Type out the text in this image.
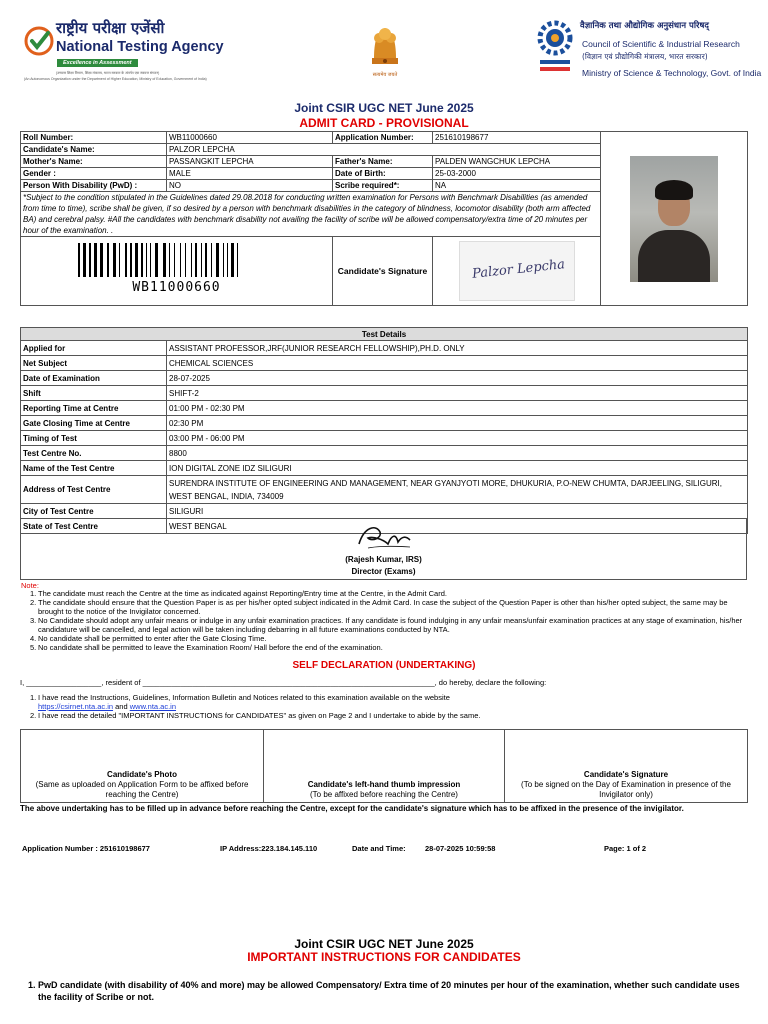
राष्ट्रीय परीक्षा एजेंसी
National Testing Agency
Excellence in Assessment
(उच्चतर शिक्षा विभाग, शिक्षा मंत्रालय, भारत सरकार के अंतर्गत एक स्वायत्त संगठन)
(An Autonomous Organization under the Department of Higher Education, Ministry of Education, Government of India)
सत्यमेव जयते
वैज्ञानिक तथा औद्योगिक अनुसंधान परिषद्
Council of Scientific & Industrial Research
(विज्ञान एवं प्रौद्योगिकी मंत्रालय, भारत सरकार)
Ministry of Science & Technology, Govt. of India
Joint CSIR UGC NET June 2025
ADMIT CARD - PROVISIONAL
Roll Number:	WB11000660	Application Number:	251610198677	

Candidate's Name:	PALZOR LEPCHA			
Mother's Name:	PASSANGKIT LEPCHA	Father's Name:	PALDEN WANGCHUK LEPCHA	
Gender :	MALE	Date of Birth:	25-03-2000	
Person With Disability (PwD) :	NO	Scribe required*:	NA	
*Subject to the condition stipulated in the Guidelines dated 29.08.2018 for conducting written examination for Persons with Benchmark Disabilities (as amended from time to time), scribe shall be given, if so desired by a person with benchmark disabilities in the category of blindness, locomotor disability (both arm affected BA) and cerebral palsy. #All the candidates with benchmark disability not availing the facility of scribe will be allowed compensatory/extra time of 20 minutes per hour of the examination. .				

WB11000660		Candidate's Signature	Palzor Lepcha	
Test Details	
Applied for	ASSISTANT PROFESSOR,JRF(JUNIOR RESEARCH FELLOWSHIP),PH.D. ONLY
Net Subject	CHEMICAL SCIENCES
Date of Examination	28-07-2025
Shift	SHIFT-2
Reporting Time at Centre	01:00 PM - 02:30 PM
Gate Closing Time at Centre	02:30 PM
Timing of Test	03:00 PM - 06:00 PM
Test Centre No.	8800
Name of the Test Centre	ION DIGITAL ZONE IDZ SILIGURI
Address of Test Centre	SURENDRA INSTITUTE OF ENGINEERING AND MANAGEMENT, NEAR GYANJYOTI MORE, DHUKURIA, P.O-NEW CHUMTA, DARJEELING, SILIGURI, WEST BENGAL, INDIA, 734009
City of Test Centre	SILIGURI
State of Test Centre	WEST BENGAL
(Rajesh Kumar, IRS)
Director (Exams)
Note:
1. The candidate must reach the Centre at the time as indicated against Reporting/Entry time at the Centre, in the Admit Card.
2. The candidate should ensure that the Question Paper is as per his/her opted subject indicated in the Admit Card. In case the subject of the Question Paper is other than his/her opted subject, the same may be brought to the notice of the Invigilator concerned.
3. No Candidate should adopt any unfair means or indulge in any unfair examination practices. If any candidate is found indulging in any unfair means/unfair examination practices at any stage of examination, his/her candidature will be cancelled, and legal action will be taken including debarring in all future examinations conducted by NTA.
4. No candidate shall be permitted to enter after the Gate Closing Time.
5. No candidate shall be permitted to leave the Examination Room/ Hall before the end of the examination.
SELF DECLARATION (UNDERTAKING)
I, __________________, resident of ______________________________________________________________________, do hereby, declare the following:
1. I have read the Instructions, Guidelines, Information Bulletin and Notices related to this examination available on the website
https://csirnet.nta.ac.in and www.nta.ac.in
2. I have read the detailed "IMPORTANT INSTRUCTIONS for CANDIDATES" as given on Page 2 and I undertake to abide by the same.
Candidate's Photo
(Same as uploaded on Application Form to be affixed before reaching the Centre)	
Candidate's left-hand thumb impression
(To be affixed before reaching the Centre)	
Candidate's Signature
(To be signed on the Day of Examination in presence of the Invigilator only)
The above undertaking has to be filled up in advance before reaching the Centre, except for the candidate's signature which has to be affixed in the presence of the invigilator.
Application Number : 251610198677	IP Address:223.184.145.110	Date and Time:	28-07-2025 10:59:58	Page: 1 of 2
Joint CSIR UGC NET June 2025
IMPORTANT INSTRUCTIONS FOR CANDIDATES
1. PwD candidate (with disability of 40% and more) may be allowed Compensatory/ Extra time of 20 minutes per hour of the examination, whether such candidate uses the facility of Scribe or not.
